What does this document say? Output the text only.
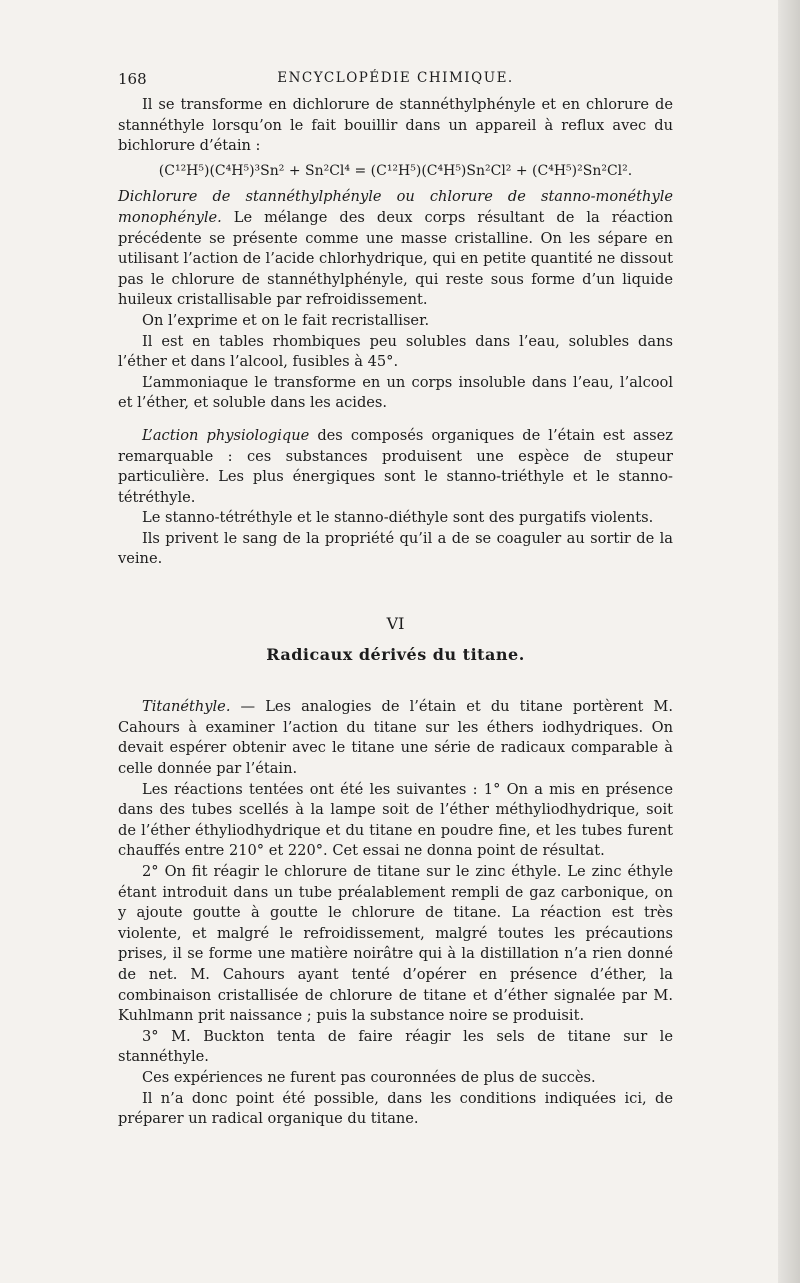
168	ENCYCLOPÉDIE CHIMIQUE.

Il se transforme en dichlorure de stannéthylphényle et en chlorure de stannéthyle lorsqu’on le fait bouillir dans un appareil à reflux avec du bichlorure d’étain :

(C¹²H⁵)(C⁴H⁵)³Sn² + Sn²Cl⁴ = (C¹²H⁵)(C⁴H⁵)Sn²Cl² + (C⁴H⁵)²Sn²Cl².

Dichlorure de stannéthylphényle ou chlorure de stanno-monéthyle monophényle. Le mélange des deux corps résultant de la réaction précédente se présente comme une masse cristalline. On les sépare en utilisant l’action de l’acide chlorhydrique, qui en petite quantité ne dissout pas le chlorure de stannéthylphényle, qui reste sous forme d’un liquide huileux cristallisable par refroidissement.

On l’exprime et on le fait recristalliser.

Il est en tables rhombiques peu solubles dans l’eau, solubles dans l’éther et dans l’alcool, fusibles à 45°.

L’ammoniaque le transforme en un corps insoluble dans l’eau, l’alcool et l’éther, et soluble dans les acides.

L’action physiologique des composés organiques de l’étain est assez remarquable : ces substances produisent une espèce de stupeur particulière. Les plus énergiques sont le stanno-triéthyle et le stanno-tétréthyle.

Le stanno-tétréthyle et le stanno-diéthyle sont des purgatifs violents.

Ils privent le sang de la propriété qu’il a de se coaguler au sortir de la veine.

VI
Radicaux dérivés du titane.

Titanéthyle. — Les analogies de l’étain et du titane portèrent M. Cahours à examiner l’action du titane sur les éthers iodhydriques. On devait espérer obtenir avec le titane une série de radicaux comparable à celle donnée par l’étain.

Les réactions tentées ont été les suivantes : 1° On a mis en présence dans des tubes scellés à la lampe soit de l’éther méthyliodhydrique, soit de l’éther éthyliodhydrique et du titane en poudre fine, et les tubes furent chauffés entre 210° et 220°. Cet essai ne donna point de résultat.

2° On fit réagir le chlorure de titane sur le zinc éthyle. Le zinc éthyle étant introduit dans un tube préalablement rempli de gaz carbonique, on y ajoute goutte à goutte le chlorure de titane. La réaction est très violente, et malgré le refroidissement, malgré toutes les précautions prises, il se forme une matière noirâtre qui à la distillation n’a rien donné de net. M. Cahours ayant tenté d’opérer en présence d’éther, la combinaison cristallisée de chlorure de titane et d’éther signalée par M. Kuhlmann prit naissance ; puis la substance noire se produisit.

3° M. Buckton tenta de faire réagir les sels de titane sur le stannéthyle.

Ces expériences ne furent pas couronnées de plus de succès.

Il n’a donc point été possible, dans les conditions indiquées ici, de préparer un radical organique du titane.
